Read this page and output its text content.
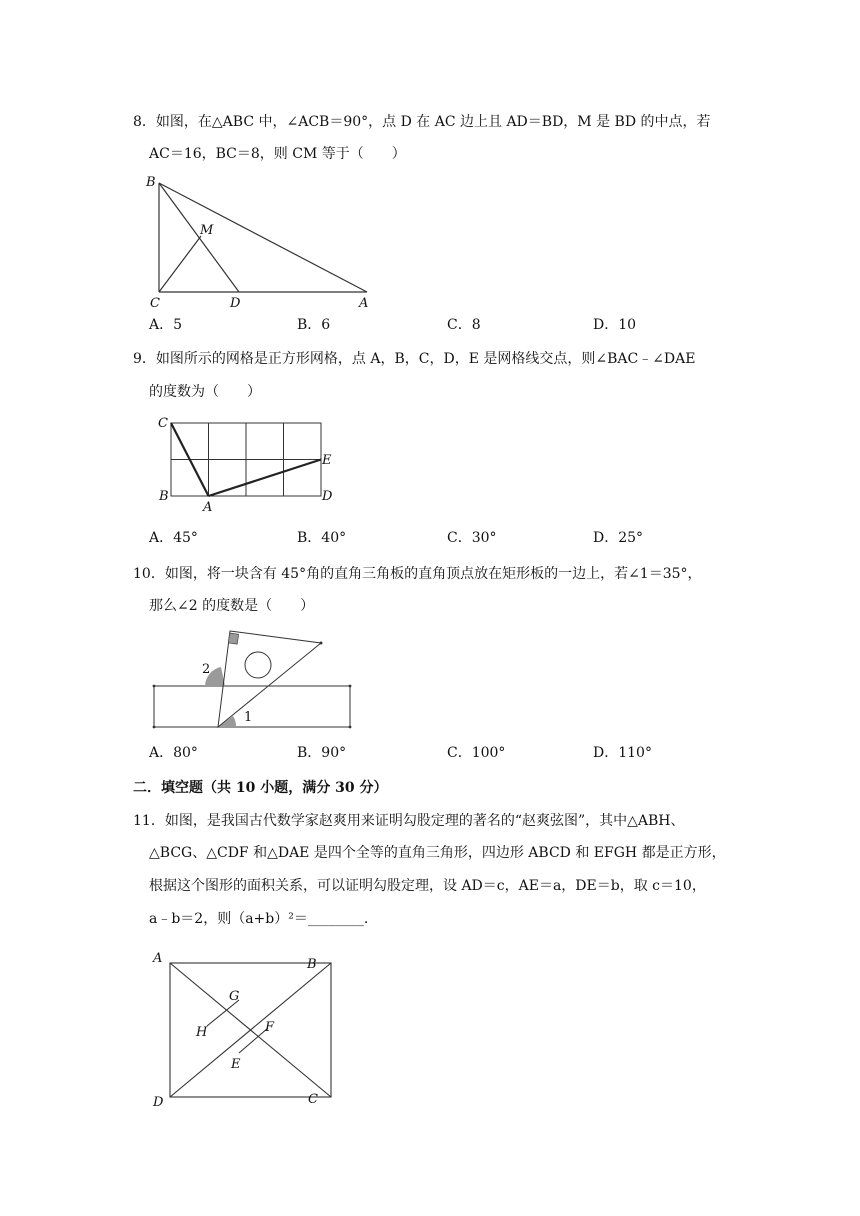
8．如图，在△ABC 中，∠ACB＝90°，点 D 在 AC 边上且 AD＝BD，M 是 BD 的中点，若
AC＝16，BC＝8，则 CM 等于（　　）
B
M
C	D	A
A．5	B．6	C．8	D．10
9．如图所示的网格是正方形网格，点 A，B，C，D，E 是网格线交点，则∠BAC﹣∠DAE
的度数为（　　）
C
E
B
A
D
A．45°	B．40°	C．30°	D．25°
10．如图，将一块含有 45°角的直角三角板的直角顶点放在矩形板的一边上，若∠1＝35°，
那么∠2 的度数是（　　）
2
1
A．80°	B．90°	C．100°	D．110°
二．填空题（共 10 小题，满分 30 分）
11．如图，是我国古代数学家赵爽用来证明勾股定理的著名的“赵爽弦图”，其中△ABH、
△BCG、△CDF 和△DAE 是四个全等的直角三角形，四边形 ABCD 和 EFGH 都是正方形，
根据这个图形的面积关系，可以证明勾股定理，设 AD＝c，AE＝a，DE＝b，取 c＝10，
a﹣b＝2，则（a+b）²＝________.
A	B
G
H	F
E
D	C
